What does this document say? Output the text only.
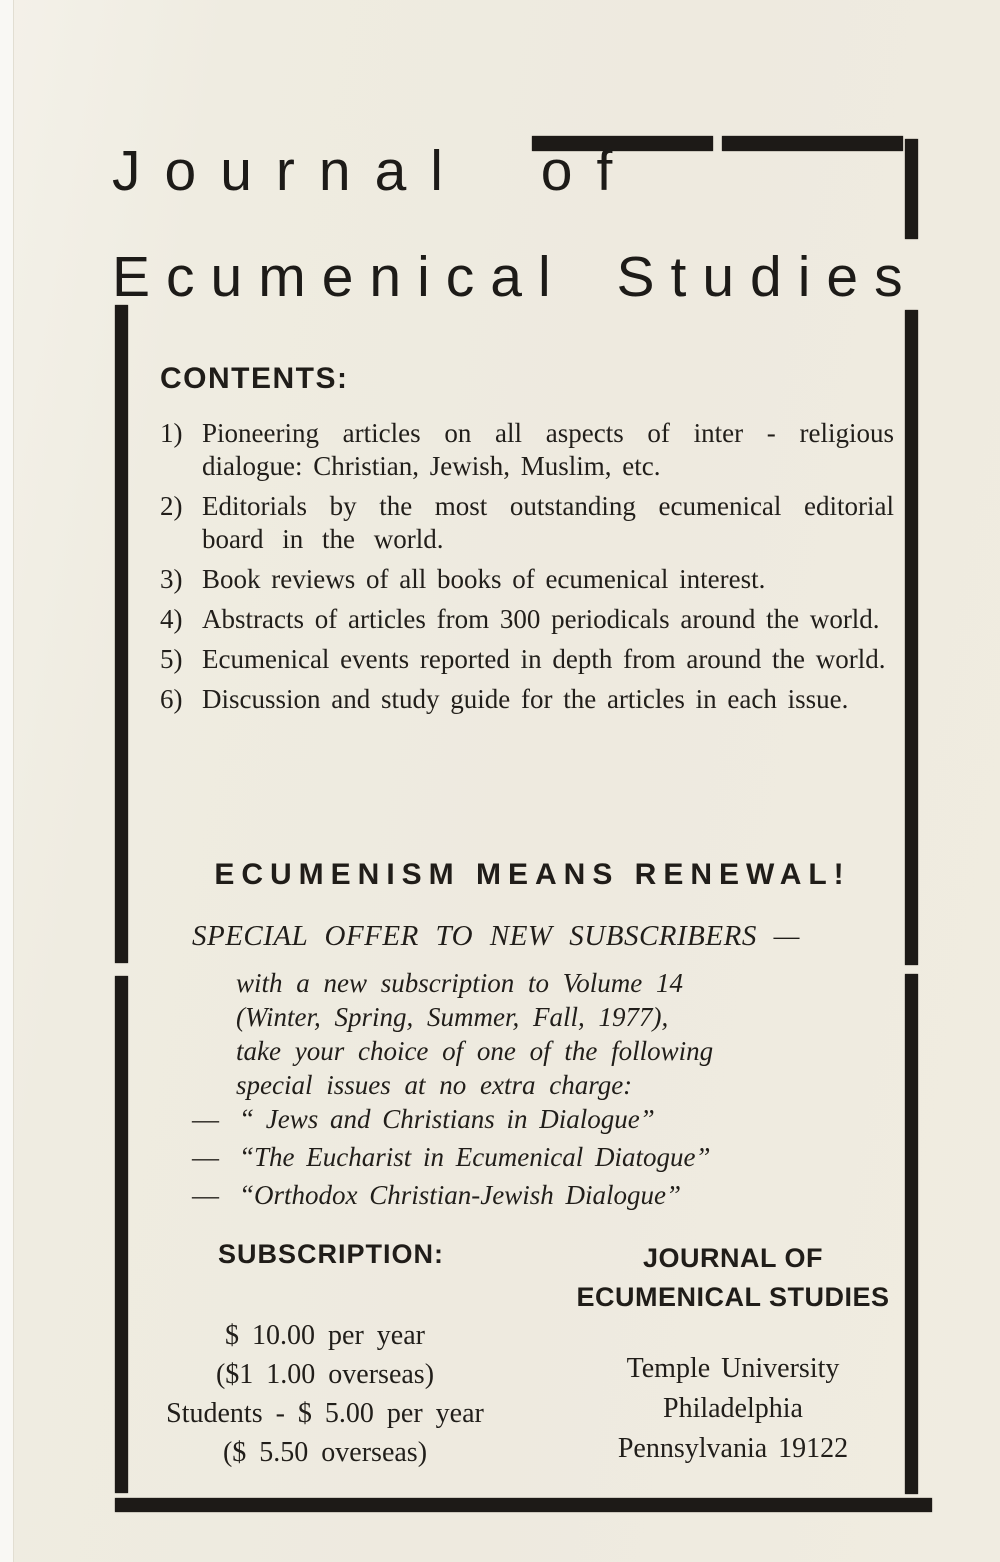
Journal of
Ecumenical Studies
CONTENTS:

1) Pioneering articles on all aspects of inter - religious dialogue: Christian, Jewish, Muslim, etc.

2) Editorials by the most outstanding ecumenical editorial board in the world.

3) Book reviews of all books of ecumenical interest.

4) Abstracts of articles from 300 periodicals around the world.

5) Ecumenical events reported in depth from around the world.

6) Discussion and study guide for the articles in each issue.

ECUMENISM MEANS RENEWAL!
SPECIAL OFFER TO NEW SUBSCRIBERS —
with a new subscription to Volume 14
(Winter, Spring, Summer, Fall, 1977),
take your choice of one of the following
special issues at no extra charge:
— “ Jews and Christians in Dialogue”
— “The Eucharist in Ecumenical Diatogue”
— “Orthodox Christian-Jewish Dialogue”
SUBSCRIPTION:
$ 10.00 per year
($1 1.00 overseas)
Students - $ 5.00 per year
($ 5.50 overseas)
JOURNAL OF
ECUMENICAL STUDIES
Temple University
Philadelphia
Pennsylvania 19122
